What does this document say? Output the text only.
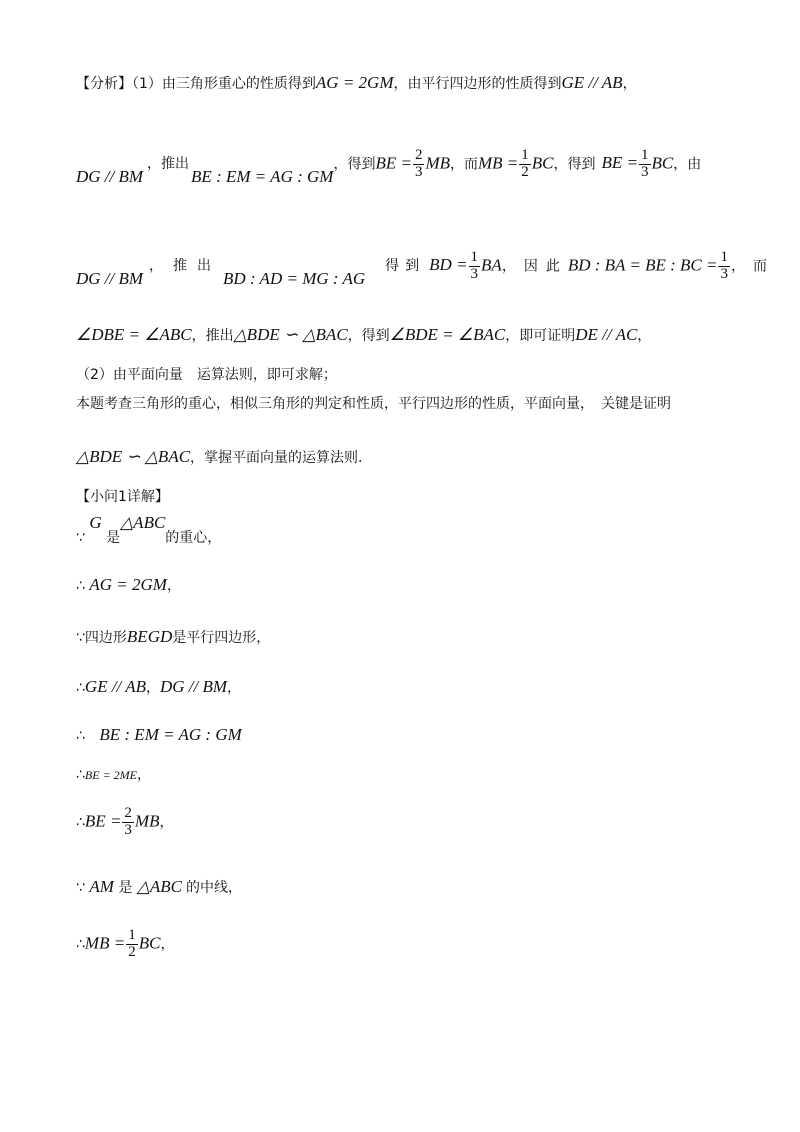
【分析】（1）由三角形重心的性质得到AG = 2GM，由平行四边形的性质得到GE // AB，
DG // BM，推出BE : EM = AG : GM，得到BE = $\frac{2}{3}$ MB，而MB = $\frac{1}{2}$ BC，得到 BE = $\frac{1}{3}$ BC，由
DG // BM，推出BD : AD = MG : AG得到 BD = $\frac{1}{3}$ BA，因此BD : BA = BE : BC = $\frac{1}{3}$ ，而
∠DBE = ∠ABC，推出△BDE ∽ △BAC，得到∠BDE = ∠BAC，即可证明DE // AC，
（2）由平面向量　运算法则，即可求解；
本题考查三角形的重心，相似三角形的判定和性质，平行四边形的性质，平面向量，　关键是证明
△BDE ∽ △BAC，掌握平面向量的运算法则.
【小问1详解】
∵ G 是△ABC的重心，
∴ AG = 2GM，
∵四边形BEGD是平行四边形，
∴GE // AB，DG // BM，
∴ BE : EM = AG : GM
∴BE = 2ME，
∴BE = $\frac{2}{3}$ MB，
∵ AM 是 △ABC 的中线，
∴MB = $\frac{1}{2}$ BC，
